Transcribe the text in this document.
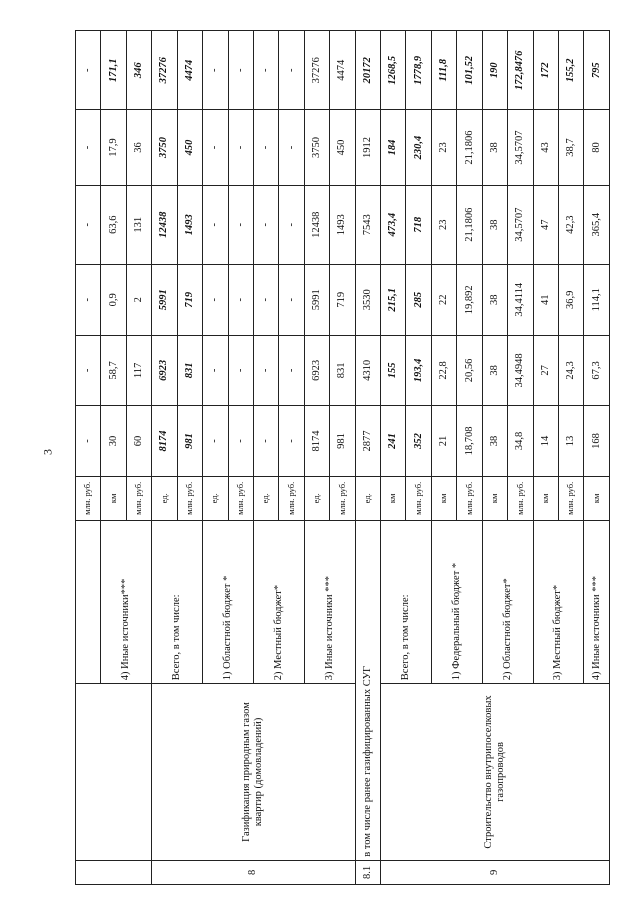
3
			млн. руб.	-	-	-	-	-	-
		4) Иные источники***	км	30	58,7	0,9	63,6	17,9	171,1
			млн. руб.	60	117	2	131	36	346
8	Газификация природным газом квартир (домовладений)	Всего, в том числе:	ед.	8174	6923	5991	12438	3750	37276
			млн. руб.	981	831	719	1493	450	4474
		1) Областной бюджет *	ед.	-	-	-	-	-	-
			млн. руб.	-	-	-	-	-	-
		2) Местный бюджет*	ед.	-	-	-	-	-	-
			млн. руб.	-	-	-	-	-	-
		3) Иные источники ***	ед.	8174	6923	5991	12438	3750	37276
			млн. руб.	981	831	719	1493	450	4474
8.1	в том числе ранее газифицированных СУГ		ед.	2877	4310	3530	7543	1912	20172
9	Строительство внутрипоселковых газопроводов	Всего, в том числе:	км	241	155	215,1	473,4	184	1268,5
			млн. руб.	352	193,4	285	718	230,4	1778,9
		1) Федеральный бюджет *	км	21	22,8	22	23	23	111,8
			млн. руб.	18,708	20,56	19,892	21,1806	21,1806	101,52
		2) Областной бюджет*	км	38	38	38	38	38	190
			млн. руб.	34,8	34,4948	34,4114	34,5707	34,5707	172,8476
		3) Местный бюджет*	км	14	27	41	47	43	172
			млн. руб.	13	24,3	36,9	42,3	38,7	155,2
		4) Иные источники ***	км	168	67,3	114,1	365,4	80	795
